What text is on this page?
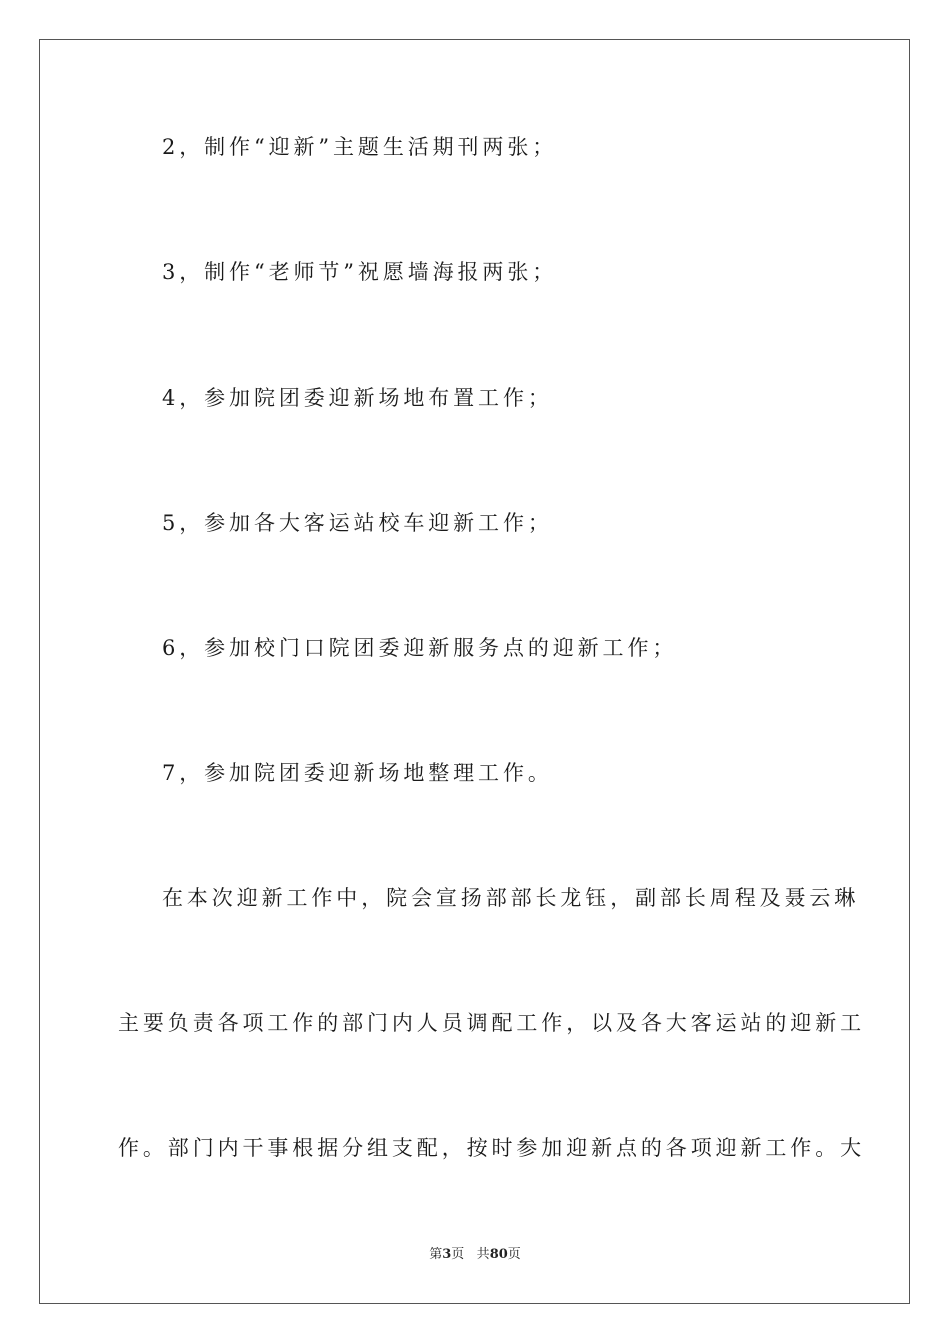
2，制作“迎新”主题生活期刊两张；
3，制作“老师节”祝愿墙海报两张；
4，参加院团委迎新场地布置工作；
5，参加各大客运站校车迎新工作；
6，参加校门口院团委迎新服务点的迎新工作；
7，参加院团委迎新场地整理工作。
在本次迎新工作中，院会宣扬部部长龙钰，副部长周程及聂云琳
主要负责各项工作的部门内人员调配工作，以及各大客运站的迎新工
作。部门内干事根据分组支配，按时参加迎新点的各项迎新工作。大
第3页 共80页
